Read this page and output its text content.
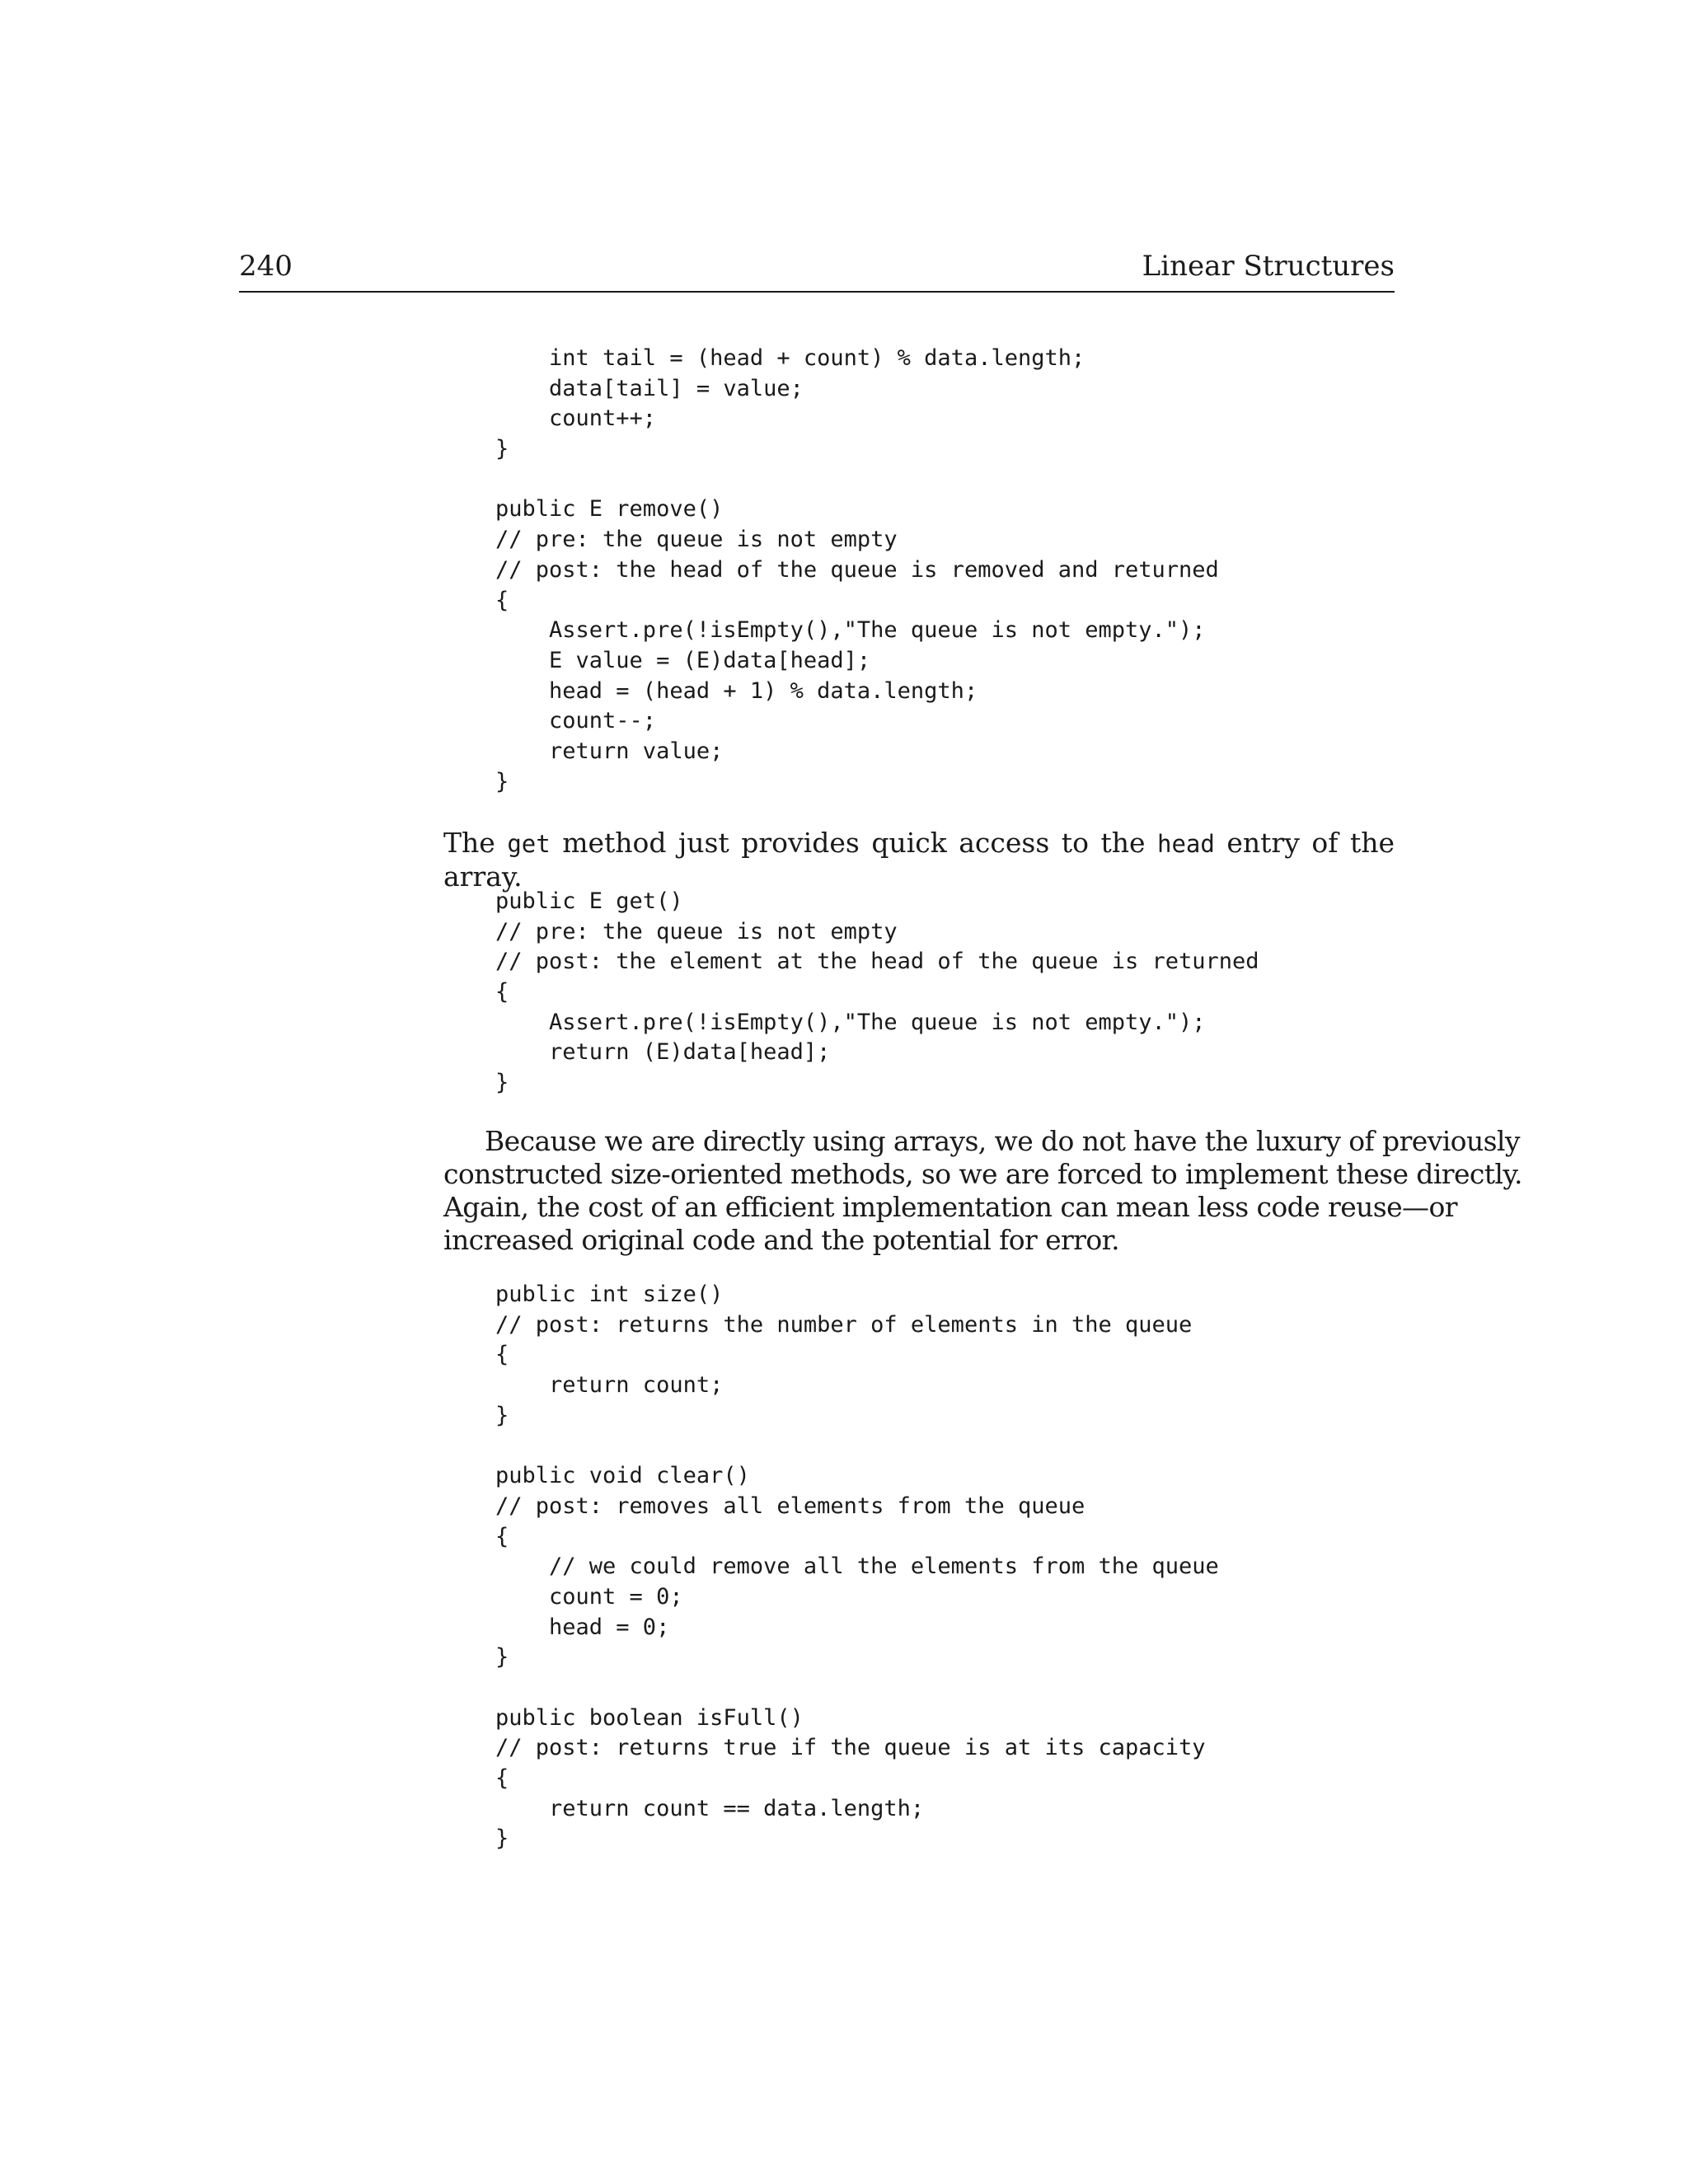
240	Linear Structures
int tail = (head + count) % data.length;
data[tail] = value;
count++;
}
public E remove()
// pre: the queue is not empty
// post: the head of the queue is removed and returned
{
Assert.pre(!isEmpty(),"The queue is not empty.");
E value = (E)data[head];
head = (head + 1) % data.length;
count--;
return value;
}

The get method just provides quick access to the head entry of the array.

public E get()
// pre: the queue is not empty
// post: the element at the head of the queue is returned
{
Assert.pre(!isEmpty(),"The queue is not empty.");
return (E)data[head];
}
Because we are directly using arrays, we do not have the luxury of previously
constructed size-oriented methods, so we are forced to implement these directly.
Again, the cost of an efficient implementation can mean less code reuse—or
increased original code and the potential for error.
public int size()
// post: returns the number of elements in the queue
{
return count;
}
public void clear()
// post: removes all elements from the queue
{
// we could remove all the elements from the queue
count = 0;
head = 0;
}
public boolean isFull()
// post: returns true if the queue is at its capacity
{
return count == data.length;
}
